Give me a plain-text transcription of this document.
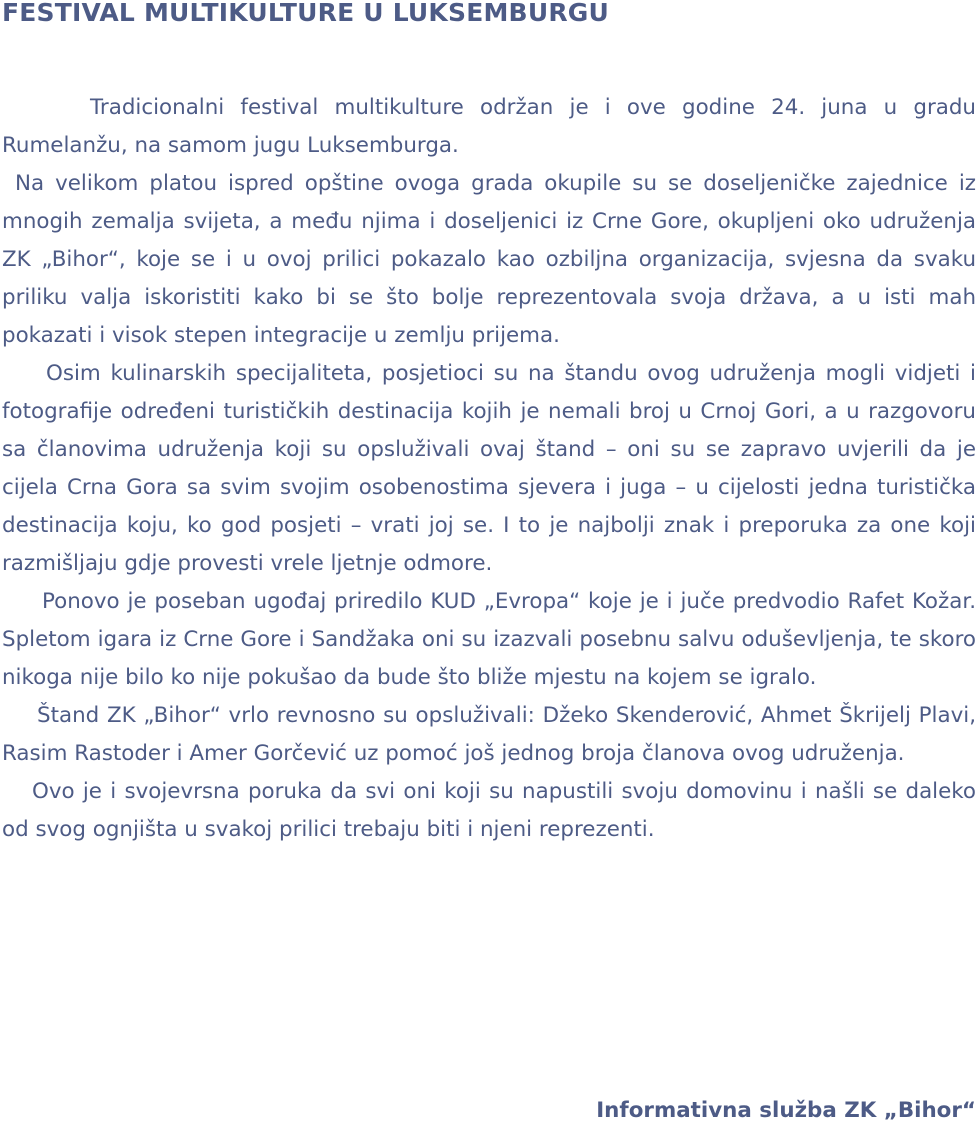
FESTIVAL MULTIKULTURE U LUKSEMBURGU

Tradicionalni festival multikulture održan je i ove godine 24. juna u gradu Rumelanžu, na samom jugu Luksemburga.

Na velikom platou ispred opštine ovoga grada okupile su se doseljeničke zajednice iz mnogih zemalja svijeta, a među njima i doseljenici iz Crne Gore, okupljeni oko udruženja ZK „Bihor“, koje se i u ovoj prilici pokazalo kao ozbiljna organizacija, svjesna da svaku priliku valja iskoristiti kako bi se što bolje reprezentovala svoja država, a u isti mah pokazati i visok stepen integracije u zemlju prijema.

Osim kulinarskih specijaliteta, posjetioci su na štandu ovog udruženja mogli vidjeti i fotografije određeni turističkih destinacija kojih je nemali broj u Crnoj Gori, a u razgovoru sa članovima udruženja koji su opsluživali ovaj štand – oni su se zapravo uvjerili da je cijela Crna Gora sa svim svojim osobenostima sjevera i juga – u cijelosti jedna turistička destinacija koju, ko god posjeti – vrati joj se. I to je najbolji znak i preporuka za one koji razmišljaju gdje provesti vrele ljetnje odmore.

Ponovo je poseban ugođaj priredilo KUD „Evropa“ koje je i juče predvodio Rafet Kožar. Spletom igara iz Crne Gore i Sandžaka oni su izazvali posebnu salvu oduševljenja, te skoro nikoga nije bilo ko nije pokušao da bude što bliže mjestu na kojem se igralo.

Štand ZK „Bihor“ vrlo revnosno su opsluživali: Džeko Skenderović, Ahmet Škrijelj Plavi, Rasim Rastoder i Amer Gorčević uz pomoć još jednog broja članova ovog udruženja.

Ovo je i svojevrsna poruka da svi oni koji su napustili svoju domovinu i našli se daleko od svog ognjišta u svakoj prilici trebaju biti i njeni reprezenti.

Informativna služba ZK „Bihor“
